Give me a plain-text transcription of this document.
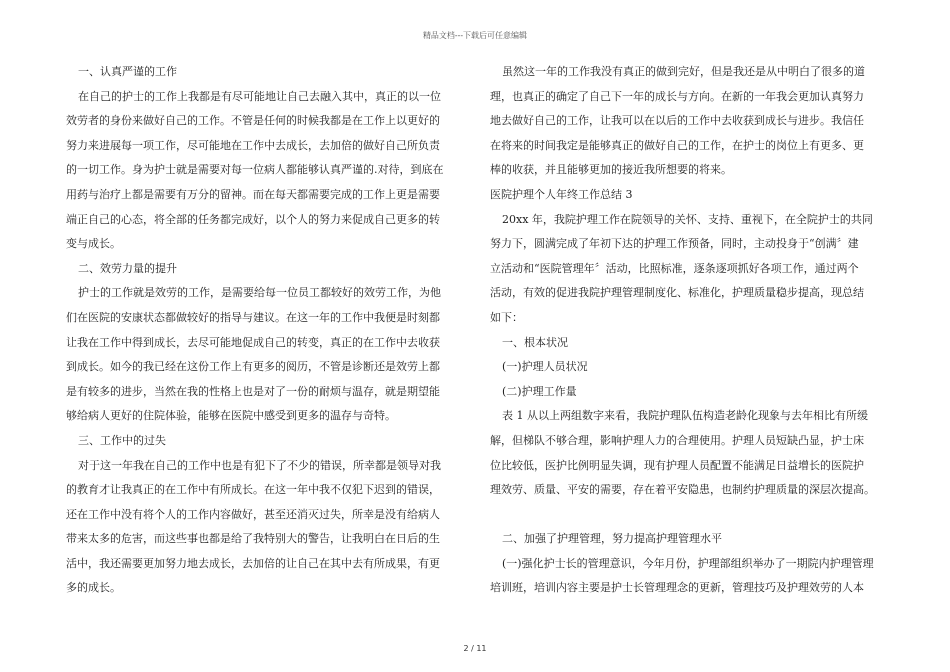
精品文档---下载后可任意编辑
一、认真严谨的工作
在自己的护士的工作上我都是有尽可能地让自己去融入其中，真正的以一位
效劳者的身份来做好自己的工作。不管是任何的时候我都是在工作上以更好的
努力来进展每一项工作，尽可能地在工作中去成长，去加倍的做好自己所负责
的一切工作。身为护士就是需要对每一位病人都能够认真严谨的.对待，到底在
用药与治疗上都是需要有万分的留神。而在每天都需要完成的工作上更是需要
端正自己的心态，将全部的任务都完成好，以个人的努力来促成自己更多的转
变与成长。
二、效劳力量的提升
护士的工作就是效劳的工作，是需要给每一位员工都较好的效劳工作，为他
们在医院的安康状态都做较好的指导与建议。在这一年的工作中我便是时刻都
让我在工作中得到成长，去尽可能地促成自己的转变，真正的在工作中去收获
到成长。如今的我已经在这份工作上有更多的阅历，不管是诊断还是效劳上都
是有较多的进步，当然在我的性格上也是对了一份的耐烦与温存，就是期望能
够给病人更好的住院体验，能够在医院中感受到更多的温存与奇特。
三、工作中的过失
对于这一年我在自己的工作中也是有犯下了不少的错误，所幸都是领导对我
的教育才让我真正的在工作中有所成长。在这一年中我不仅犯下迟到的错误，
还在工作中没有将个人的工作内容做好，甚至还消灭过失，所幸是没有给病人
带来太多的危害，而这些事也都是给了我特别大的警告，让我明白在日后的生
活中，我还需要更加努力地去成长，去加倍的让自己在其中去有所成果，有更
多的成长。
虽然这一年的工作我没有真正的做到完好，但是我还是从中明白了很多的道
理，也真正的确定了自己下一年的成长与方向。在新的一年我会更加认真努力
地去做好自己的工作，让我可以在以后的工作中去收获到成长与进步。我信任
在将来的时间我定是能够真正的做好自己的工作，在护士的岗位上有更多、更
棒的收获，并且能够更加的接近我所想要的将来。
医院护理个人年终工作总结 3
20xx 年，我院护理工作在院领导的关怀、支持、重视下，在全院护士的共同
努力下，圆满完成了年初下达的护理工作预备，同时，主动投身于“创满〞建
立活动和“医院管理年〞活动，比照标准，逐条逐项抓好各项工作，通过两个
活动，有效的促进我院护理管理制度化、标准化，护理质量稳步提高，现总结
如下：
一、根本状况
(一)护理人员状况
(二)护理工作量
表 1 从以上两组数字来看，我院护理队伍构造老龄化现象与去年相比有所缓
解，但梯队不够合理，影响护理人力的合理使用。护理人员短缺凸显，护士床
位比较低，医护比例明显失调，现有护理人员配置不能满足日益增长的医院护
理效劳、质量、平安的需要，存在着平安隐患，也制约护理质量的深层次提高。
二、加强了护理管理，努力提高护理管理水平
(一)强化护士长的管理意识，今年月份，护理部组织举办了一期院内护理管理
培训班，培训内容主要是护士长管理理念的更新，管理技巧及护理效劳的人本
2 / 11
